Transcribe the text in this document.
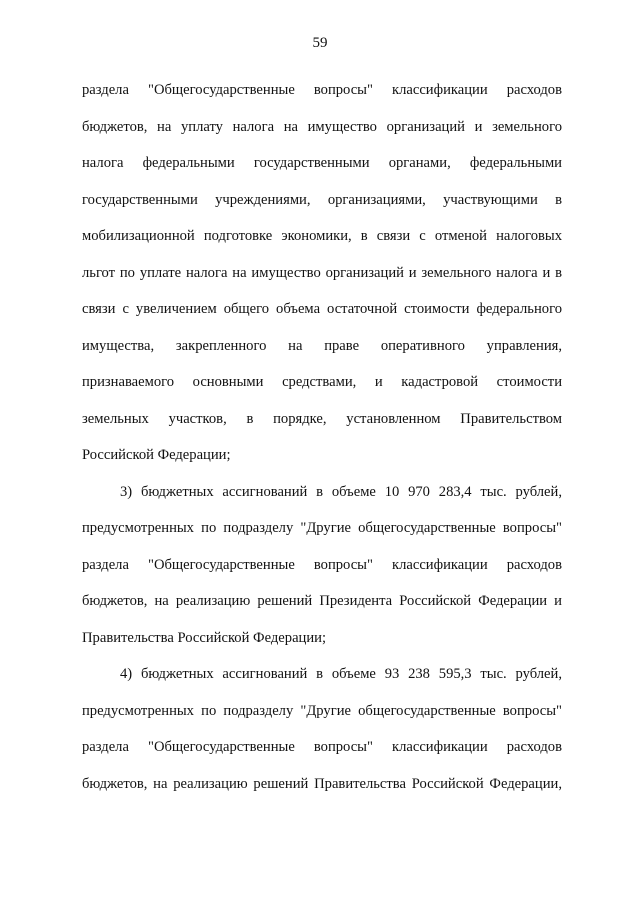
59
раздела "Общегосударственные вопросы" классификации расходов
бюджетов, на уплату налога на имущество организаций и земельного
налога федеральными государственными органами, федеральными
государственными учреждениями, организациями, участвующими в
мобилизационной подготовке экономики, в связи с отменой налоговых
льгот по уплате налога на имущество организаций и земельного налога и в
связи с увеличением общего объема остаточной стоимости федерального
имущества, закрепленного на праве оперативного управления,
признаваемого основными средствами, и кадастровой стоимости
земельных участков, в порядке, установленном Правительством
Российской Федерации;
3) бюджетных ассигнований в объеме 10 970 283,4 тыс. рублей,
предусмотренных по подразделу "Другие общегосударственные вопросы"
раздела "Общегосударственные вопросы" классификации расходов
бюджетов, на реализацию решений Президента Российской Федерации и
Правительства Российской Федерации;
4) бюджетных ассигнований в объеме 93 238 595,3 тыс. рублей,
предусмотренных по подразделу "Другие общегосударственные вопросы"
раздела "Общегосударственные вопросы" классификации расходов
бюджетов, на реализацию решений Правительства Российской Федерации,
